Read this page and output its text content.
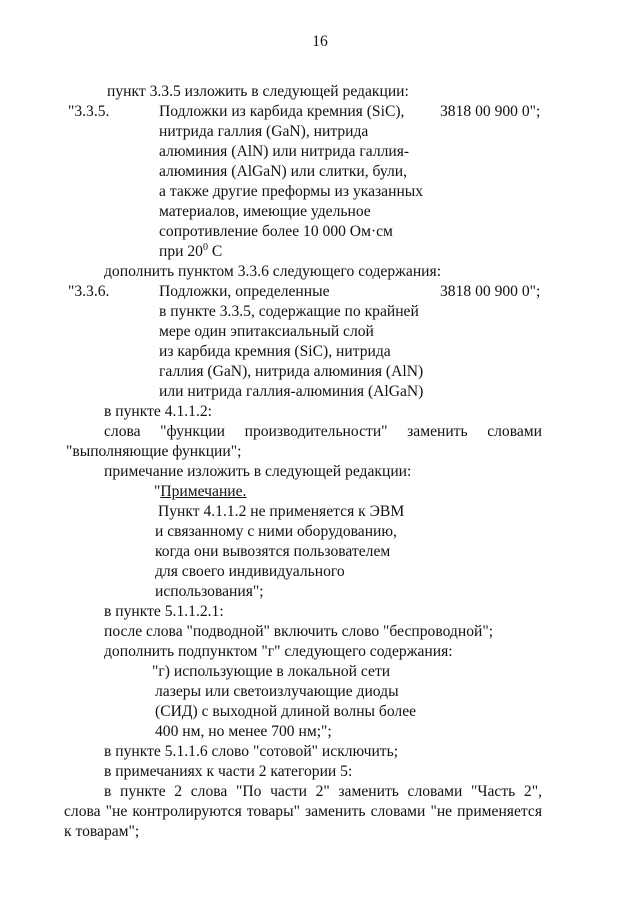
16
пункт 3.3.5 изложить в следующей редакции:
"3.3.5.	Подложки из карбида кремния (SiC), 3818 00 900 0";
нитрида галлия (GaN), нитрида
алюминия (AlN) или нитрида галлия-
алюминия (AlGaN) или слитки, були,
а также другие преформы из указанных
материалов, имеющие удельное
сопротивление более 10 000 Ом·см
при $20^0$ С
дополнить пунктом 3.3.6 следующего содержания:
"3.3.6.	Подложки, определенные	3818 00 900 0";
в пункте 3.3.5, содержащие по крайней
мере один эпитаксиальный слой
из карбида кремния (SiC), нитрида
галлия (GaN), нитрида алюминия (AlN)
или нитрида галлия-алюминия (AlGaN)
в пункте 4.1.1.2:
слова "функции производительности" заменить словами
"выполняющие функции";
примечание изложить в следующей редакции:
"Примечание.
Пункт 4.1.1.2 не применяется к ЭВМ
и связанному с ними оборудованию,
когда они вывозятся пользователем
для своего индивидуального
использования";
в пункте 5.1.1.2.1:
после слова "подводной" включить слово "беспроводной";
дополнить подпунктом "г" следующего содержания:
"г) использующие в локальной сети
лазеры или светоизлучающие диоды
(СИД) с выходной длиной волны более
400 нм, но менее 700 нм;";
в пункте 5.1.1.6 слово "сотовой" исключить;
в примечаниях к части 2 категории 5:
в пункте 2 слова "По части 2" заменить словами "Часть 2",
слова "не контролируются товары" заменить словами "не применяется
к товарам";
